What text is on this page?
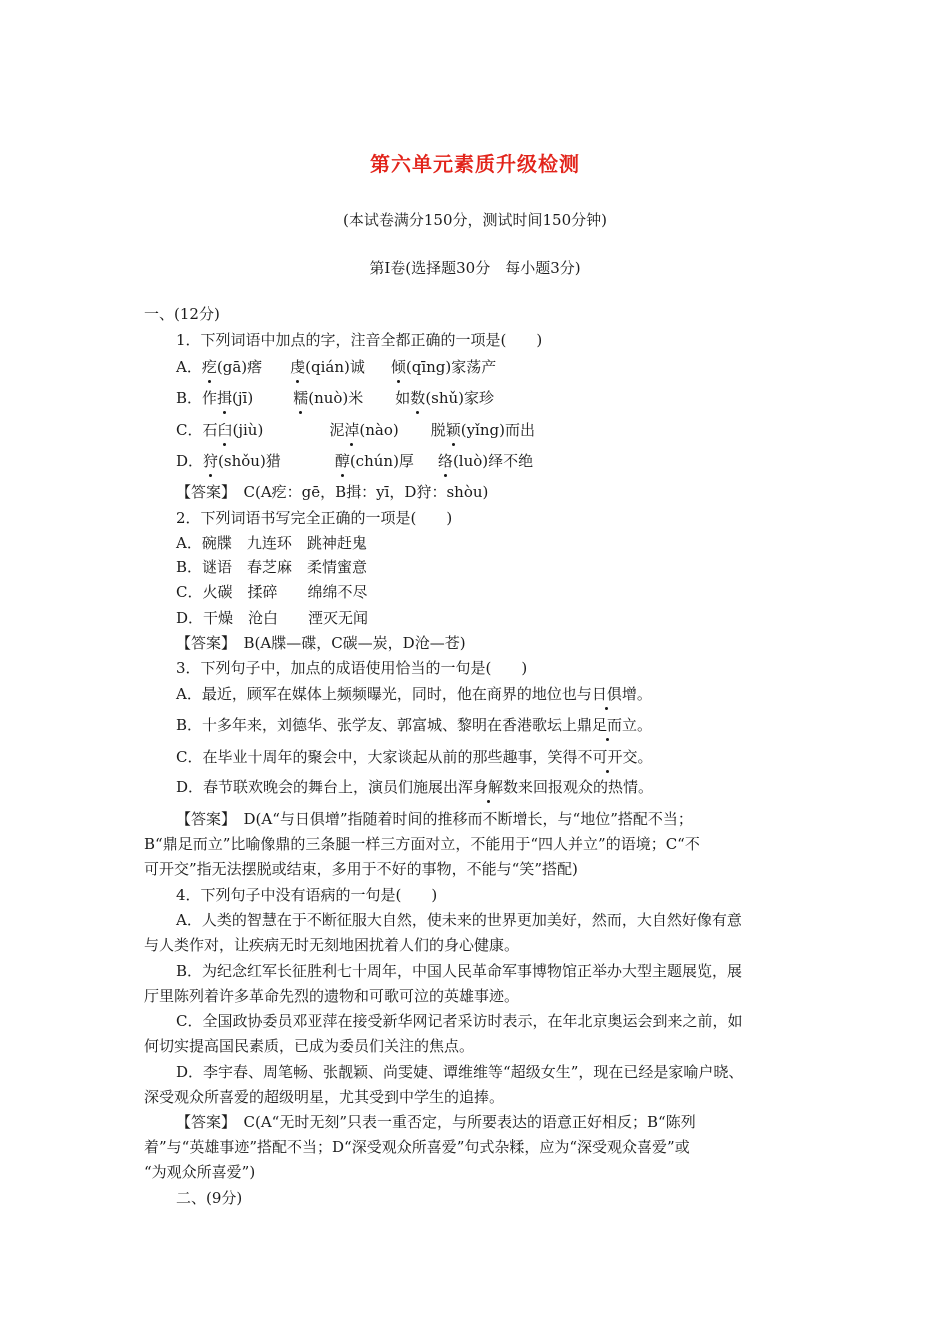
第六单元素质升级检测
(本试卷满分150分，测试时间150分钟)
第Ⅰ卷(选择题30分　每小题3分)
一、(12分)
1．下列词语中加点的字，注音全都正确的一项是(　　)
A．疙(gā)瘩 虔(qián)诚 倾(qīng)家荡产
B．作揖(jī)	糯(nuò)米 如数(shǔ)家珍
C．石臼(jiù)	泥淖(nào) 脱颖(yǐng)而出
D．狩(shǒu)猎	醇(chún)厚 络(luò)绎不绝
【答案】　C(A疙：gē，B揖：yī，D狩：shòu)
2．下列词语书写完全正确的一项是(　　)
A．碗牒　九连环　跳神赶鬼
B．谜语　春芝麻　柔情蜜意
C．火碳　揉碎　　绵绵不尽
D．干燥　沧白　　湮灭无闻
【答案】　B(A牒—碟，C碳—炭，D沧—苍)
3．下列句子中，加点的成语使用恰当的一句是(　　)
A．最近，顾军在媒体上频频曝光，同时，他在商界的地位也与日俱增。
B．十多年来，刘德华、张学友、郭富城、黎明在香港歌坛上鼎足而立。
C．在毕业十周年的聚会中，大家谈起从前的那些趣事，笑得不可开交。
D．春节联欢晚会的舞台上，演员们施展出浑身解数来回报观众的热情。
【答案】　D(A“与日俱增”指随着时间的推移而不断增长，与“地位”搭配不当；
B“鼎足而立”比喻像鼎的三条腿一样三方面对立，不能用于“四人并立”的语境；C“不
可开交”指无法摆脱或结束，多用于不好的事物，不能与“笑”搭配)
4．下列句子中没有语病的一句是(　　)
A．人类的智慧在于不断征服大自然，使未来的世界更加美好，然而，大自然好像有意
与人类作对，让疾病无时无刻地困扰着人们的身心健康。
B．为纪念红军长征胜利七十周年，中国人民革命军事博物馆正举办大型主题展览，展
厅里陈列着许多革命先烈的遗物和可歌可泣的英雄事迹。
C．全国政协委员邓亚萍在接受新华网记者采访时表示，在年北京奥运会到来之前，如
何切实提高国民素质，已成为委员们关注的焦点。
D．李宇春、周笔畅、张靓颖、尚雯婕、谭维维等“超级女生”，现在已经是家喻户晓、
深受观众所喜爱的超级明星，尤其受到中学生的追捧。
【答案】　C(A“无时无刻”只表一重否定，与所要表达的语意正好相反；B“陈列
着”与“英雄事迹”搭配不当；D“深受观众所喜爱”句式杂糅，应为“深受观众喜爱”或
“为观众所喜爱”)
二、(9分)
